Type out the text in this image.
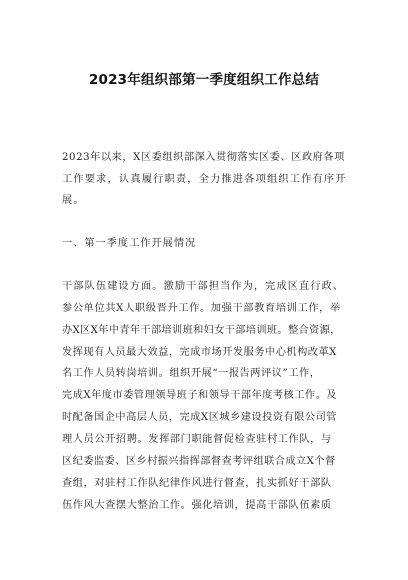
2023年组织部第一季度组织工作总结
2023年以来，X区委组织部深入贯彻落实区委、区政府各项
工作要求，认真履行职责，全力推进各项组织工作有序开
展。
一、第一季度工作开展情况
干部队伍建设方面。激励干部担当作为，完成区直行政、
参公单位共X人职级晋升工作。加强干部教育培训工作，举
办X区X年中青年干部培训班和妇女干部培训班。整合资源，
发挥现有人员最大效益，完成市场开发服务中心机构改革X
名工作人员转岗培训。组织开展“一报告两评议”工作，
完成X年度市委管理领导班子和领导干部年度考核工作。及
时配备国企中高层人员，完成X区城乡建设投资有限公司管
理人员公开招聘。发挥部门职能督促检查驻村工作队，与
区纪委监委、区乡村振兴指挥部督查考评组联合成立X个督
查组，对驻村工作队纪律作风进行督查，扎实抓好干部队
伍作风大查摆大整治工作。强化培训，提高干部队伍素质
